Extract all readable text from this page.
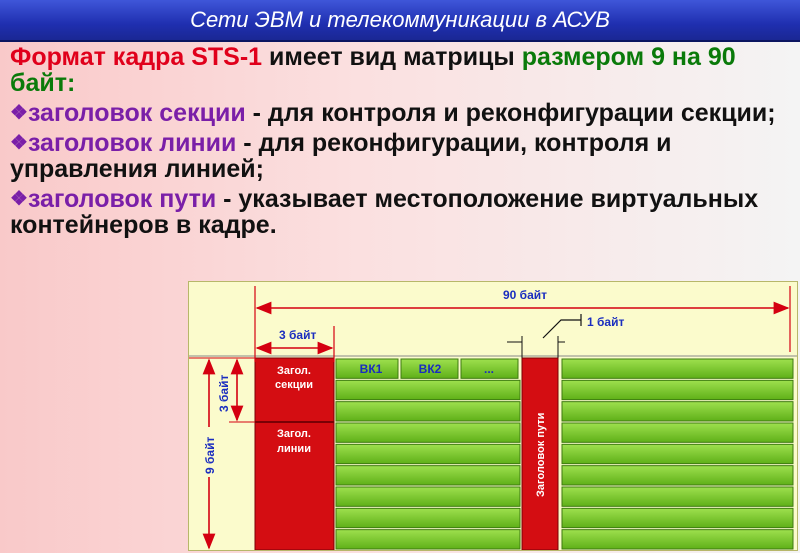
Сети ЭВМ и телекоммуникации в АСУВ

Формат кадра STS-1 имеет вид матрицы размером 9 на 90 байт:

❖заголовок секции - для контроля и реконфигурации секции;

❖заголовок линии - для реконфигурации, контроля и управления линией;

❖заголовок пути - указывает местоположение виртуальных контейнеров в кадре.

Загол.
секции
Загол.
линии
ВК1	ВК2	...
Заголовок пути
90 байт
3 байт
1 байт
3 байт
9 байт
